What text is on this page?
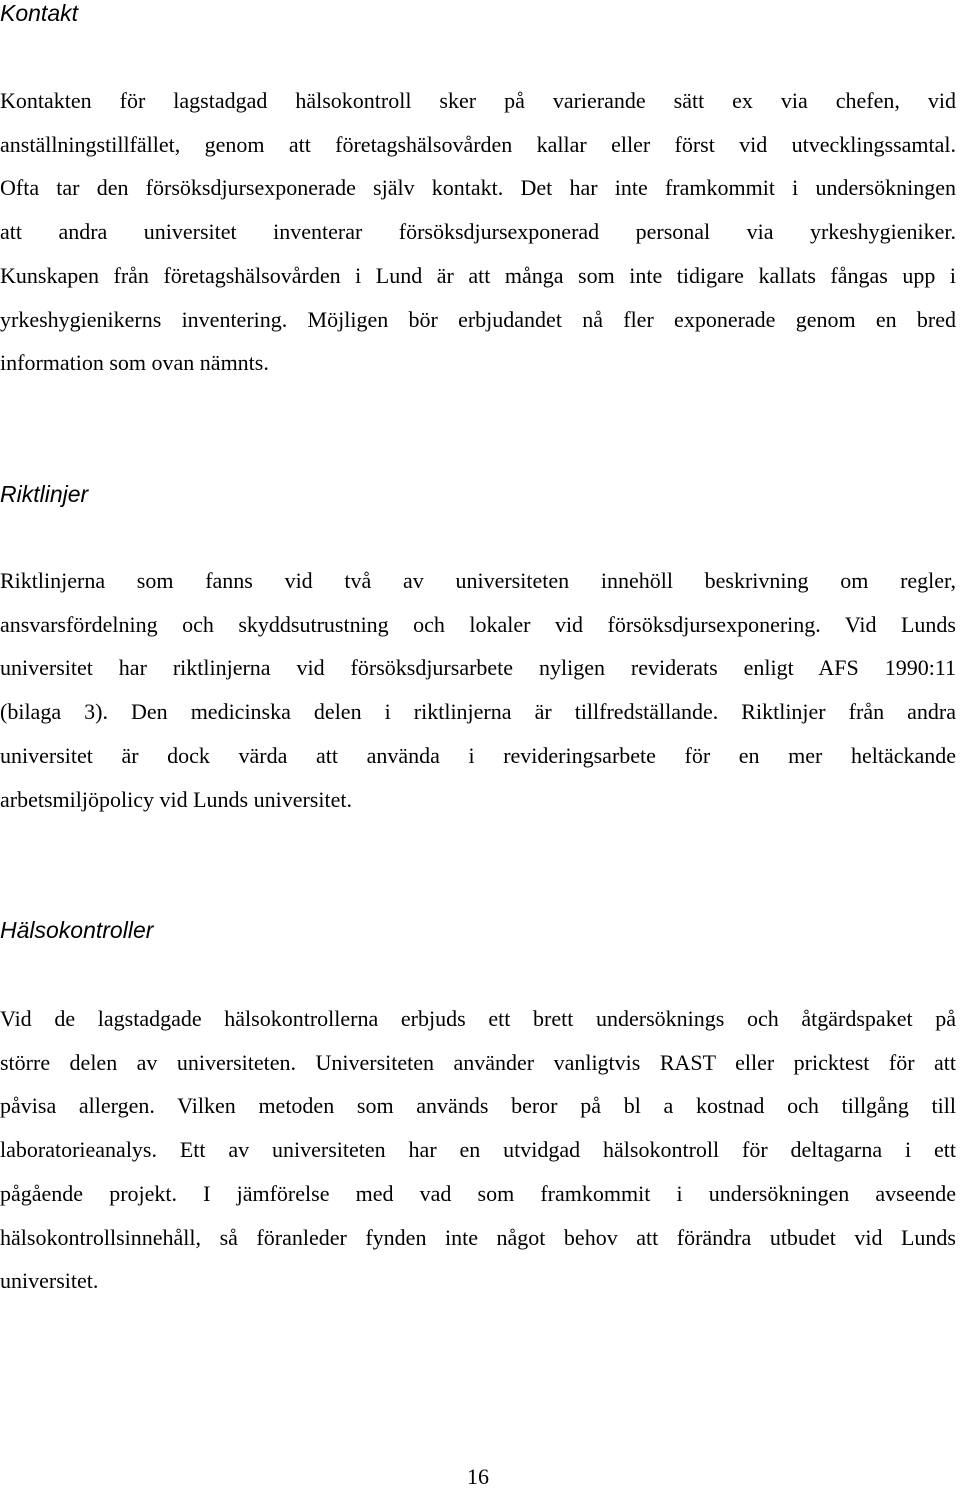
Kontakt
Kontakten för lagstadgad hälsokontroll sker på varierande sätt ex via chefen, vid
anställningstillfället, genom att företagshälsovården kallar eller först vid utvecklingssamtal.
Ofta tar den försöksdjursexponerade själv kontakt. Det har inte framkommit i undersökningen
att andra universitet inventerar försöksdjursexponerad personal via yrkeshygieniker.
Kunskapen från företagshälsovården i Lund är att många som inte tidigare kallats fångas upp i
yrkeshygienikerns inventering. Möjligen bör erbjudandet nå fler exponerade genom en bred
information som ovan nämnts.
Riktlinjer
Riktlinjerna som fanns vid två av universiteten innehöll beskrivning om regler,
ansvarsfördelning och skyddsutrustning och lokaler vid försöksdjursexponering. Vid Lunds
universitet har riktlinjerna vid försöksdjursarbete nyligen reviderats enligt AFS 1990:11
(bilaga 3). Den medicinska delen i riktlinjerna är tillfredställande. Riktlinjer från andra
universitet är dock värda att använda i revideringsarbete för en mer heltäckande
arbetsmiljöpolicy vid Lunds universitet.
Hälsokontroller
Vid de lagstadgade hälsokontrollerna erbjuds ett brett undersöknings och åtgärdspaket på
större delen av universiteten. Universiteten använder vanligtvis RAST eller pricktest för att
påvisa allergen. Vilken metoden som används beror på bl a kostnad och tillgång till
laboratorieanalys. Ett av universiteten har en utvidgad hälsokontroll för deltagarna i ett
pågående projekt. I jämförelse med vad som framkommit i undersökningen avseende
hälsokontrollsinnehåll, så föranleder fynden inte något behov att förändra utbudet vid Lunds
universitet.
16
